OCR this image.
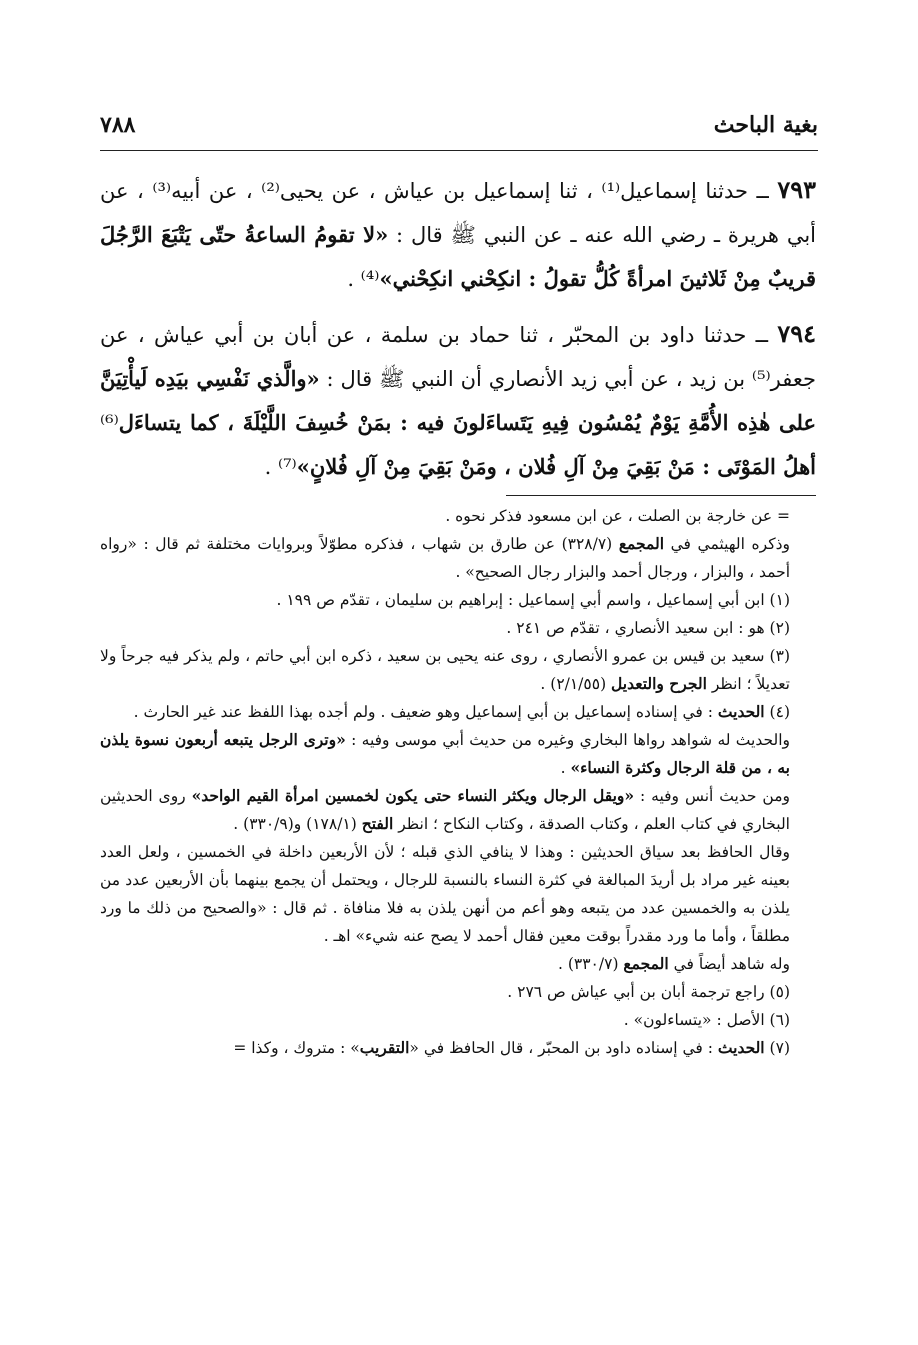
بغية الباحث
٧٨٨
٧٩٣ ــ حدثنا إسماعيل⁽¹⁾ ، ثنا إسماعيل بن عياش ، عن يحيى⁽²⁾ ، عن أبيه⁽³⁾ ، عن أبي هريرة ـ رضي الله عنه ـ عن النبي ﷺ قال : «لا تقومُ الساعةُ حتّى يَتْبَعَ الرَّجُلَ قريبٌ مِنْ ثَلاثينَ امرأةً كُلُّ تقولُ : انكِحْني انكِحْني»⁽⁴⁾ .
٧٩٤ ــ حدثنا داود بن المحبّر ، ثنا حماد بن سلمة ، عن أبان بن أبي عياش ، عن جعفر⁽⁵⁾ بن زيد ، عن أبي زيد الأنصاري أن النبي ﷺ قال : «والَّذي نَفْسِي بيَدِه لَيأْتِيَنَّ على هٰذِه الأُمَّةِ يَوْمٌ يُمْسُون فِيهِ يَتَساءَلونَ فيه : بمَنْ خُسِفَ اللَّيْلَةَ ، كما يتساءَل⁽⁶⁾ أهلُ المَوْتَى : مَنْ بَقِيَ مِنْ آلِ فُلان ، ومَنْ بَقِيَ مِنْ آلِ فُلانٍ»⁽⁷⁾ .

= عن خارجة بن الصلت ، عن ابن مسعود فذكر نحوه .

وذكره الهيثمي في المجمع (٣٢٨/٧) عن طارق بن شهاب ، فذكره مطوّلاً وبروايات مختلفة ثم قال : «رواه أحمد ، والبزار ، ورجال أحمد والبزار رجال الصحيح» .

(١) ابن أبي إسماعيل ، واسم أبي إسماعيل : إبراهيم بن سليمان ، تقدّم ص ١٩٩ .

(٢) هو : ابن سعيد الأنصاري ، تقدّم ص ٢٤١ .

(٣) سعيد بن قيس بن عمرو الأنصاري ، روى عنه يحيى بن سعيد ، ذكره ابن أبي حاتم ، ولم يذكر فيه جرحاً ولا تعديلاً ؛ انظر الجرح والتعديل (٢/١/٥٥) .

(٤) الحديث : في إسناده إسماعيل بن أبي إسماعيل وهو ضعيف . ولم أجده بهذا اللفظ عند غير الحارث .

والحديث له شواهد رواها البخاري وغيره من حديث أبي موسى وفيه : «وترى الرجل يتبعه أربعون نسوة يلذن به ، من قلة الرجال وكثرة النساء» .

ومن حديث أنس وفيه : «ويقل الرجال ويكثر النساء حتى يكون لخمسين امرأة القيم الواحد» روى الحديثين البخاري في كتاب العلم ، وكتاب الصدقة ، وكتاب النكاح ؛ انظر الفتح (١٧٨/١) و(٣٣٠/٩) .

وقال الحافظ بعد سياق الحديثين : وهذا لا ينافي الذي قبله ؛ لأن الأربعين داخلة في الخمسين ، ولعل العدد بعينه غير مراد بل أريدَ المبالغة في كثرة النساء بالنسبة للرجال ، ويحتمل أن يجمع بينهما بأن الأربعين عدد من يلذن به والخمسين عدد من يتبعه وهو أعم من أنهن يلذن به فلا منافاة . ثم قال : «والصحيح من ذلك ما ورد مطلقاً ، وأما ما ورد مقدراً بوقت معين فقال أحمد لا يصح عنه شيء» اهـ .

وله شاهد أيضاً في المجمع (٣٣٠/٧) .

(٥) راجع ترجمة أبان بن أبي عياش ص ٢٧٦ .

(٦) الأصل : «يتساءلون» .

(٧) الحديث : في إسناده داود بن المحبّر ، قال الحافظ في «التقريب» : متروك ، وكذا =
